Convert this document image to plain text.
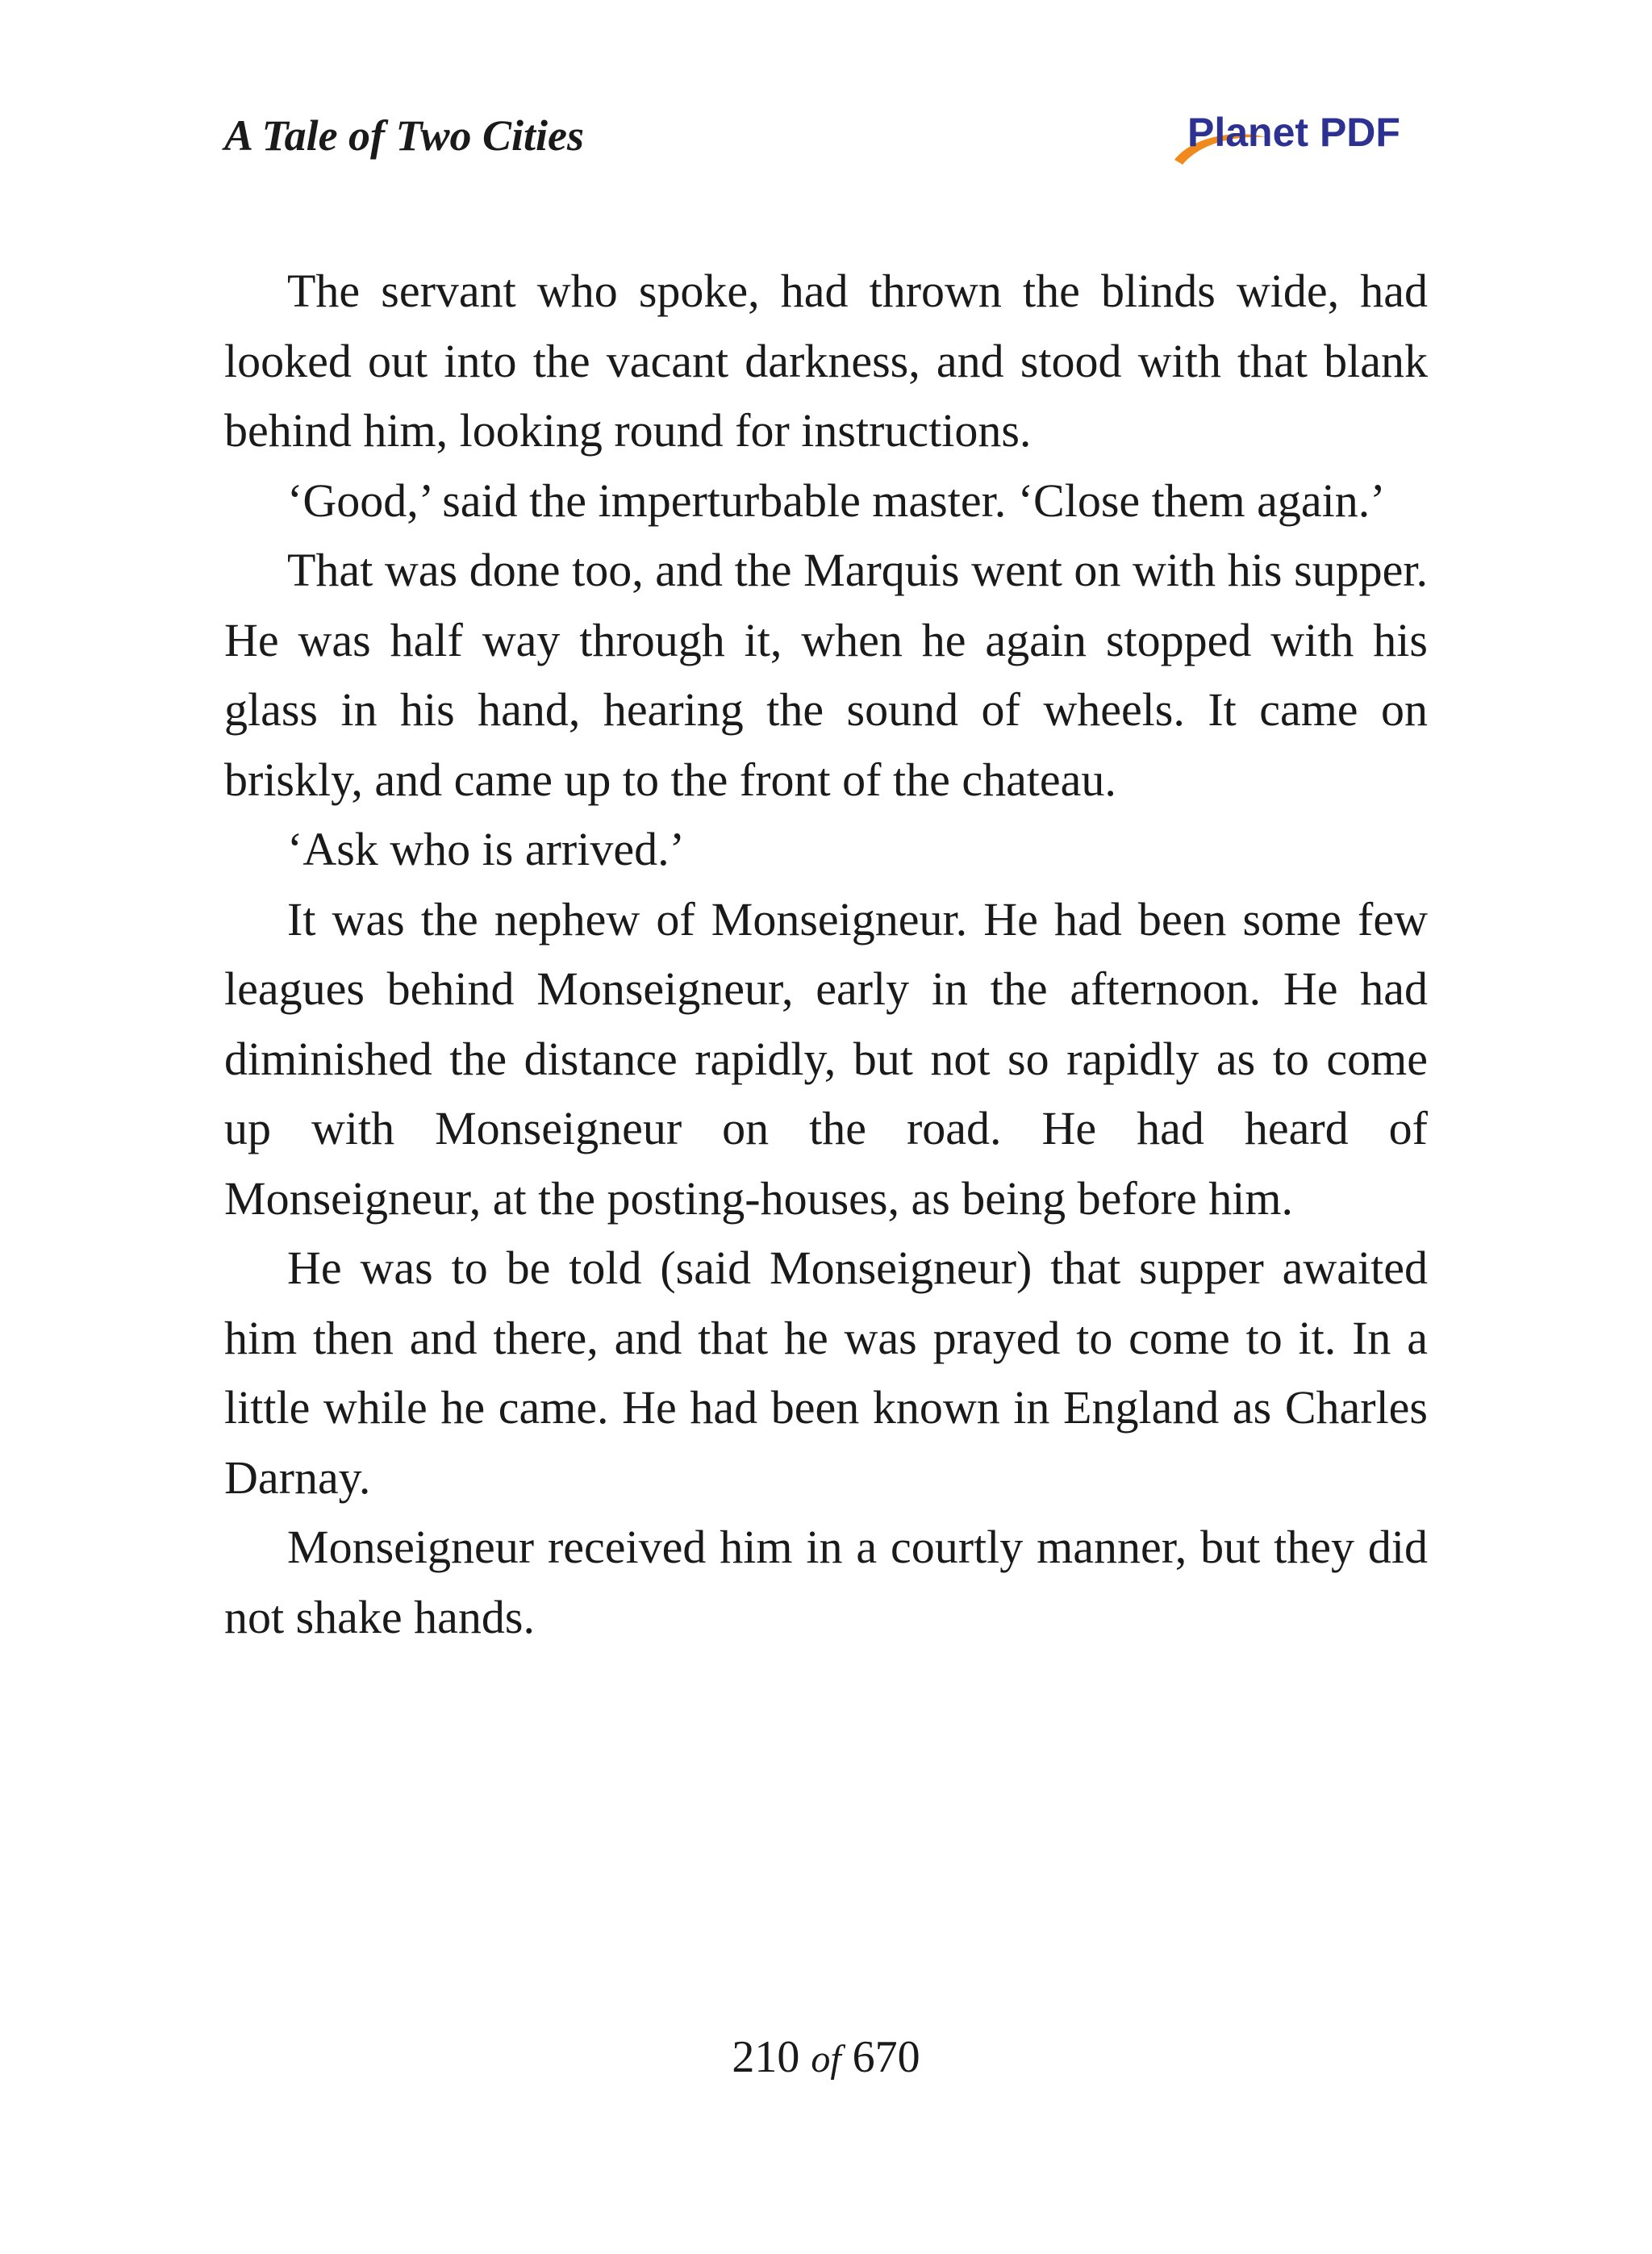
A Tale of Two Cities	Planet PDF

The servant who spoke, had thrown the blinds wide, had looked out into the vacant darkness, and stood with that blank behind him, looking round for instructions.

‘Good,’ said the imperturbable master. ‘Close them again.’

That was done too, and the Marquis went on with his supper. He was half way through it, when he again stopped with his glass in his hand, hearing the sound of wheels. It came on briskly, and came up to the front of the chateau.

‘Ask who is arrived.’

It was the nephew of Monseigneur. He had been some few leagues behind Monseigneur, early in the afternoon. He had diminished the distance rapidly, but not so rapidly as to come up with Monseigneur on the road. He had heard of Monseigneur, at the posting-houses, as being before him.

He was to be told (said Monseigneur) that supper awaited him then and there, and that he was prayed to come to it. In a little while he came. He had been known in England as Charles Darnay.

Monseigneur received him in a courtly manner, but they did not shake hands.

210 of 670
